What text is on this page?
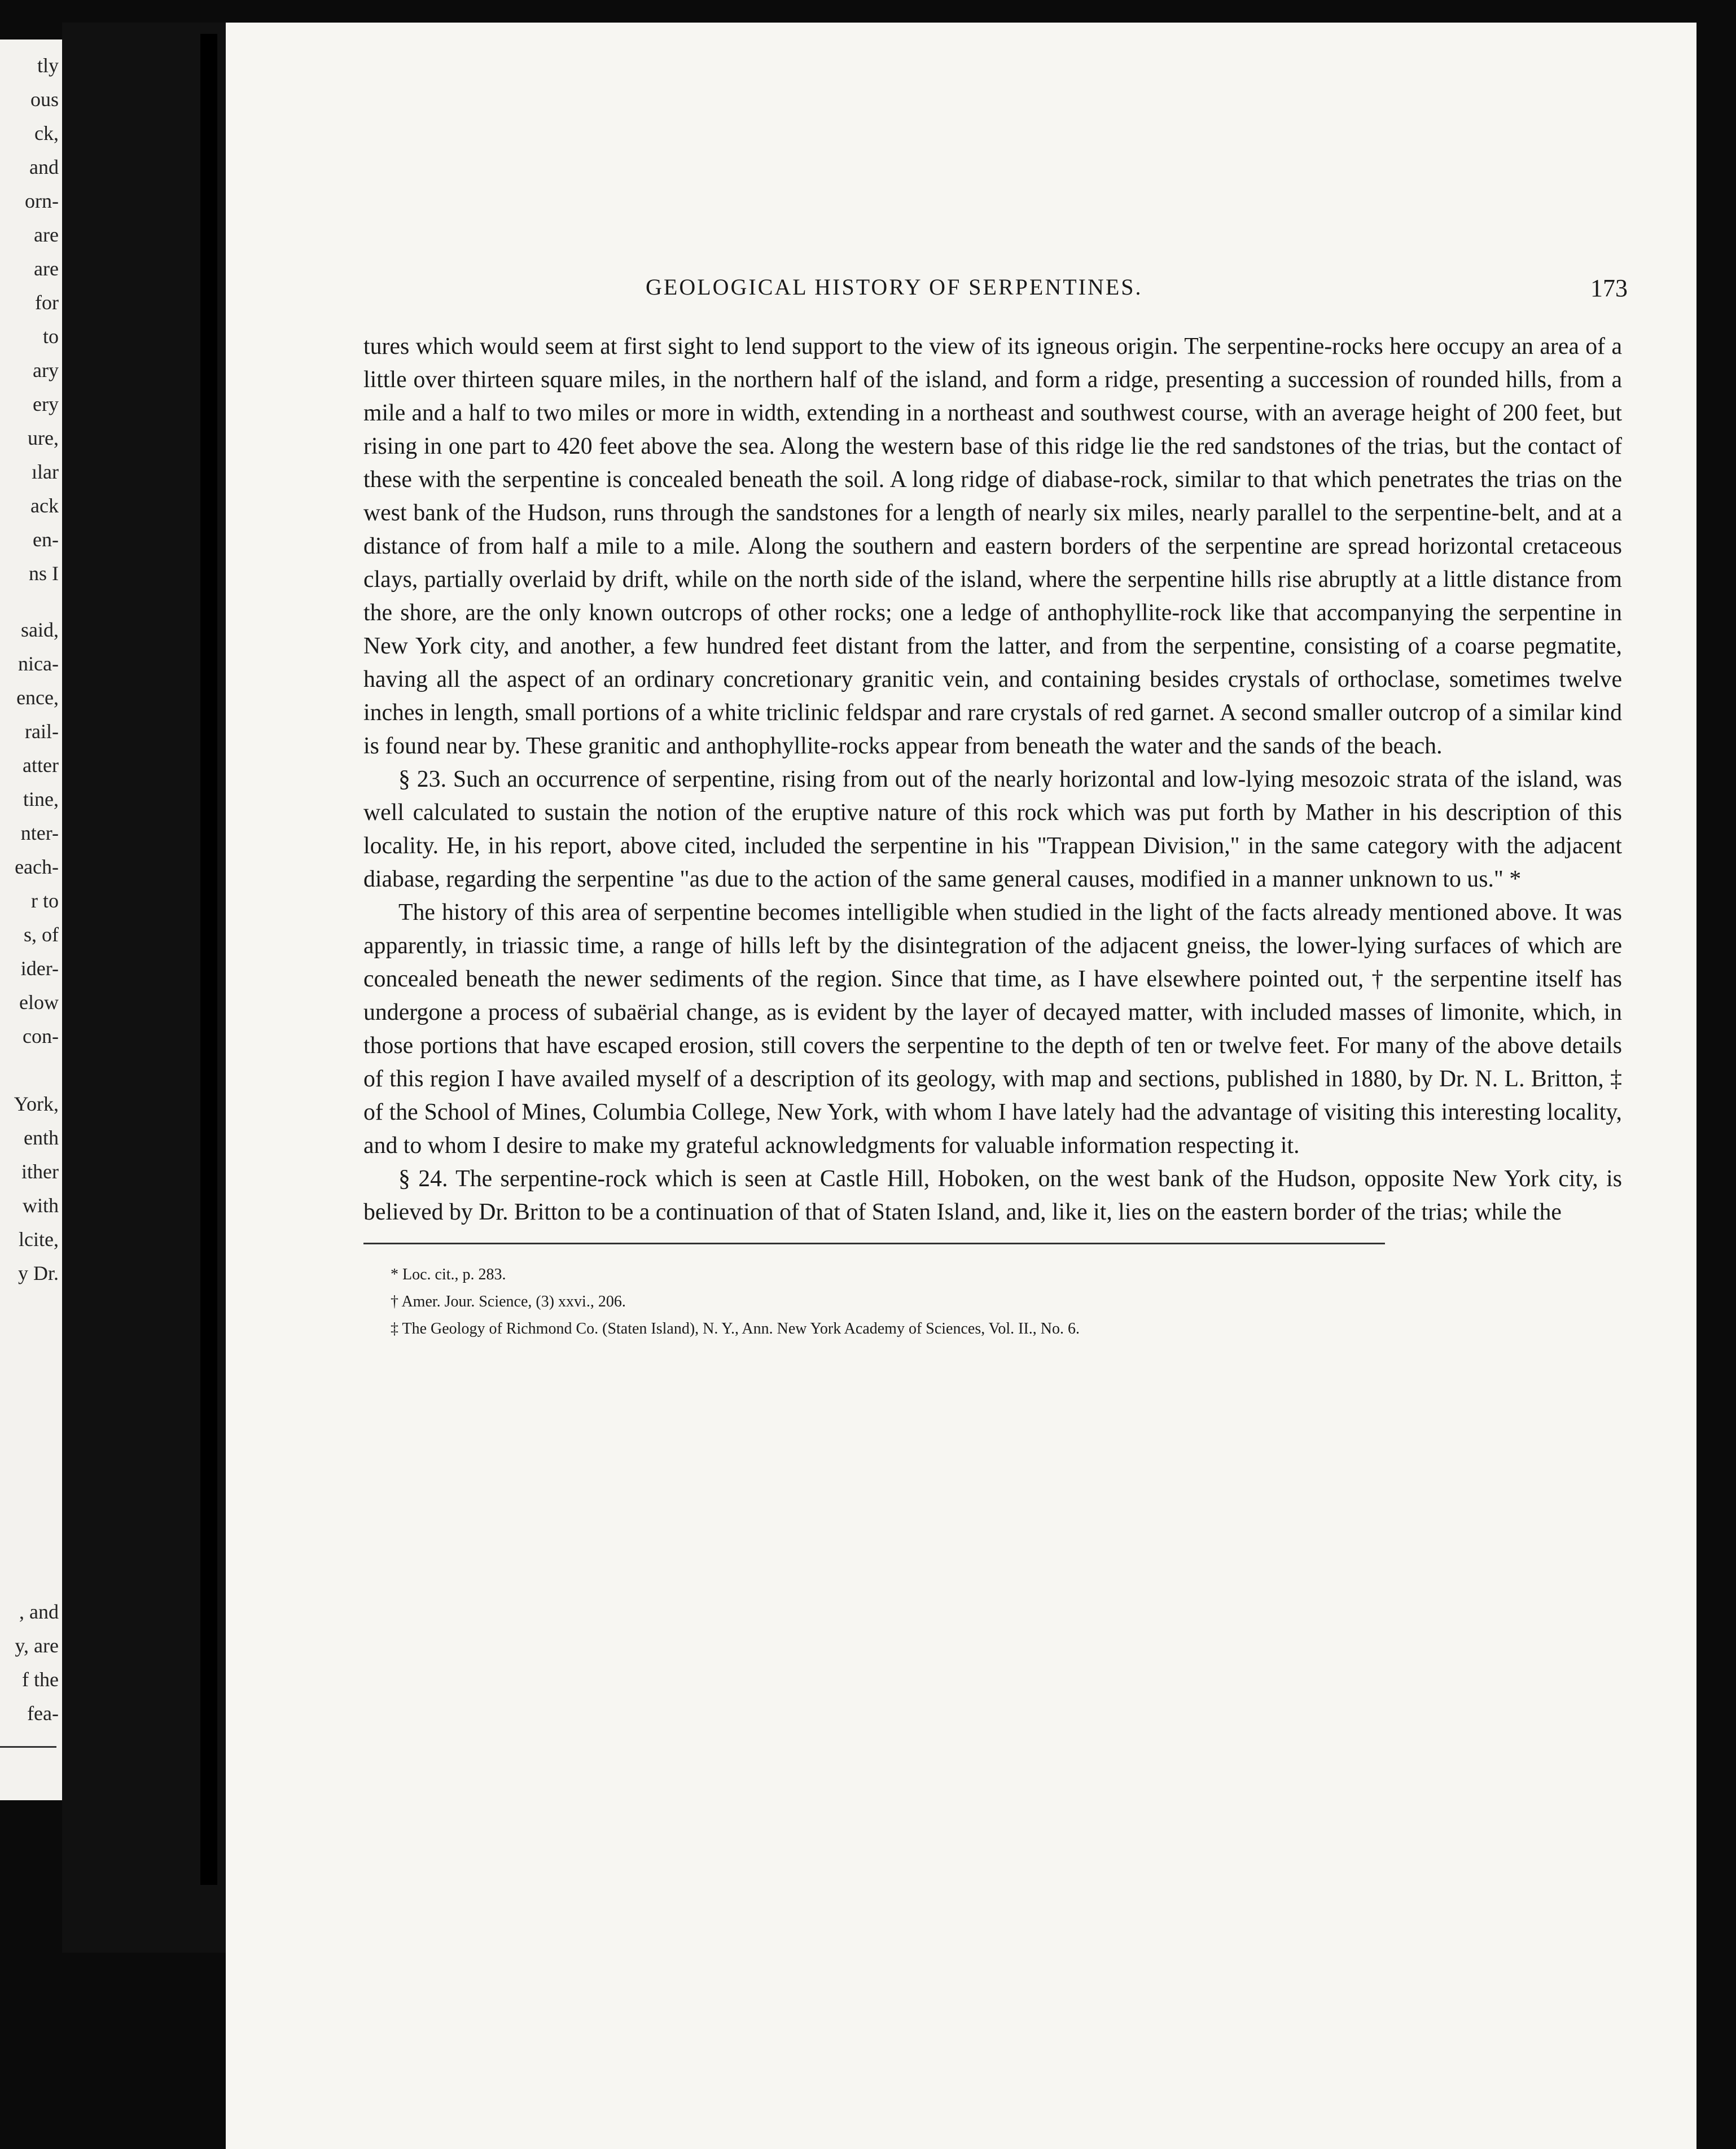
tly
ous
ck,
and
orn-
are
are
for
to
ary
ery
ure,
ılar
ack
en-
ns I
said,
nica-
ence,
rail-
atter
tine,
nter-
each-
r to
s, of
ider-
elow
con-
York,
enth
ither
with
lcite,
y Dr.
, and
y, are
f the
fea-
GEOLOGICAL HISTORY OF SERPENTINES.	173

tures which would seem at first sight to lend support to the view of its igneous origin. The serpentine-rocks here occupy an area of a little over thirteen square miles, in the northern half of the island, and form a ridge, presenting a succession of rounded hills, from a mile and a half to two miles or more in width, extending in a northeast and southwest course, with an average height of 200 feet, but rising in one part to 420 feet above the sea. Along the western base of this ridge lie the red sandstones of the trias, but the contact of these with the serpentine is concealed beneath the soil. A long ridge of diabase-rock, similar to that which penetrates the trias on the west bank of the Hudson, runs through the sandstones for a length of nearly six miles, nearly parallel to the serpentine-belt, and at a distance of from half a mile to a mile. Along the southern and eastern borders of the serpentine are spread horizontal cretaceous clays, partially overlaid by drift, while on the north side of the island, where the serpentine hills rise abruptly at a little distance from the shore, are the only known outcrops of other rocks; one a ledge of anthophyllite-rock like that accompanying the serpentine in New York city, and another, a few hundred feet distant from the latter, and from the serpentine, consisting of a coarse pegmatite, having all the aspect of an ordinary concretionary granitic vein, and containing besides crystals of orthoclase, sometimes twelve inches in length, small portions of a white triclinic feldspar and rare crystals of red garnet. A second smaller outcrop of a similar kind is found near by. These granitic and anthophyllite-rocks appear from beneath the water and the sands of the beach.

§ 23. Such an occurrence of serpentine, rising from out of the nearly horizontal and low-lying mesozoic strata of the island, was well calculated to sustain the notion of the eruptive nature of this rock which was put forth by Mather in his description of this locality. He, in his report, above cited, included the serpentine in his "Trappean Division," in the same category with the adjacent diabase, regarding the serpentine "as due to the action of the same general causes, modified in a manner unknown to us." *

The history of this area of serpentine becomes intelligible when studied in the light of the facts already mentioned above. It was apparently, in triassic time, a range of hills left by the disintegration of the adjacent gneiss, the lower-lying surfaces of which are concealed beneath the newer sediments of the region. Since that time, as I have elsewhere pointed out, † the serpentine itself has undergone a process of subaërial change, as is evident by the layer of decayed matter, with included masses of limonite, which, in those portions that have escaped erosion, still covers the serpentine to the depth of ten or twelve feet. For many of the above details of this region I have availed myself of a description of its geology, with map and sections, published in 1880, by Dr. N. L. Britton, ‡ of the School of Mines, Columbia College, New York, with whom I have lately had the advantage of visiting this interesting locality, and to whom I desire to make my grateful acknowledgments for valuable information respecting it.

§ 24. The serpentine-rock which is seen at Castle Hill, Hoboken, on the west bank of the Hudson, opposite New York city, is believed by Dr. Britton to be a continuation of that of Staten Island, and, like it, lies on the eastern border of the trias; while the

* Loc. cit., p. 283.

† Amer. Jour. Science, (3) xxvi., 206.

‡ The Geology of Richmond Co. (Staten Island), N. Y., Ann. New York Academy of Sciences, Vol. II., No. 6.
